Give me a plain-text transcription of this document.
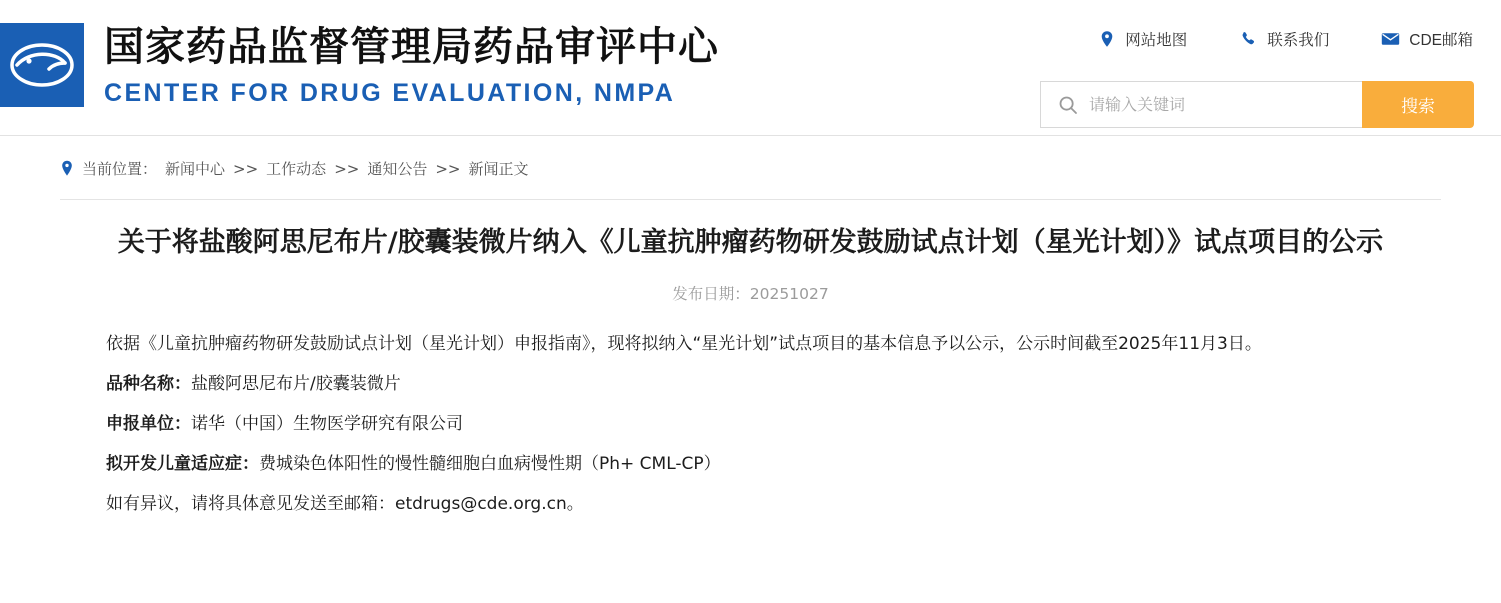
国家药品监督管理局药品审评中心
CENTER FOR DRUG EVALUATION, NMPA
网站地图	联系我们	CDE邮箱
请输入关键词
搜索
当前位置： 新闻中心 >> 工作动态 >> 通知公告 >> 新闻正文
关于将盐酸阿思尼布片/胶囊装微片纳入《儿童抗肿瘤药物研发鼓励试点计划（星光计划）》试点项目的公示
发布日期：20251027

依据《儿童抗肿瘤药物研发鼓励试点计划（星光计划）申报指南》，现将拟纳入“星光计划”试点项目的基本信息予以公示，公示时间截至2025年11月3日。

品种名称：盐酸阿思尼布片/胶囊装微片

申报单位：诺华（中国）生物医学研究有限公司

拟开发儿童适应症：费城染色体阳性的慢性髓细胞白血病慢性期（Ph+ CML-CP）

如有异议，请将具体意见发送至邮箱：etdrugs@cde.org.cn。
